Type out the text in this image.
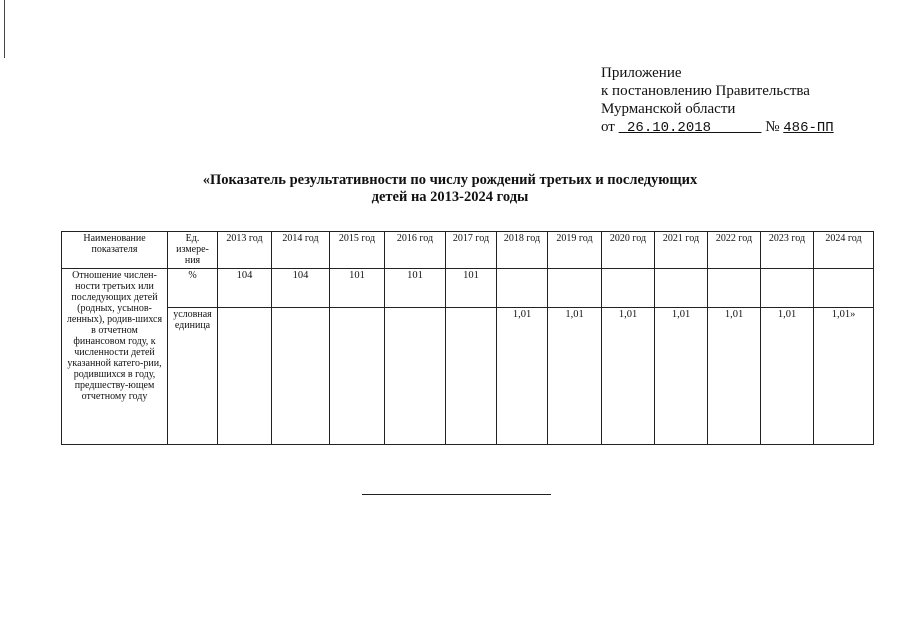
Приложение
к постановлению Правительства
Мурманской области
от 26.10.2018	№ 486-ПП
«Показатель результативности по числу рождений третьих и последующих
детей на 2013-2024 годы
Наименование показателя	Ед. измере-ния	2013 год	2014 год	2015 год	2016 год	2017 год	2018 год	2019 год	2020 год	2021 год	2022 год	2023 год	2024 год
Отношение числен-ности третьих или последующих детей (родных, усынов-ленных), родив-шихся в отчетном финансовом году, к численности детей указанной катего-рии, родившихся в году, предшеству-ющем отчетному году	%	104	104	101	101	101							
	условная единица						1,01	1,01	1,01	1,01	1,01	1,01	1,01»
